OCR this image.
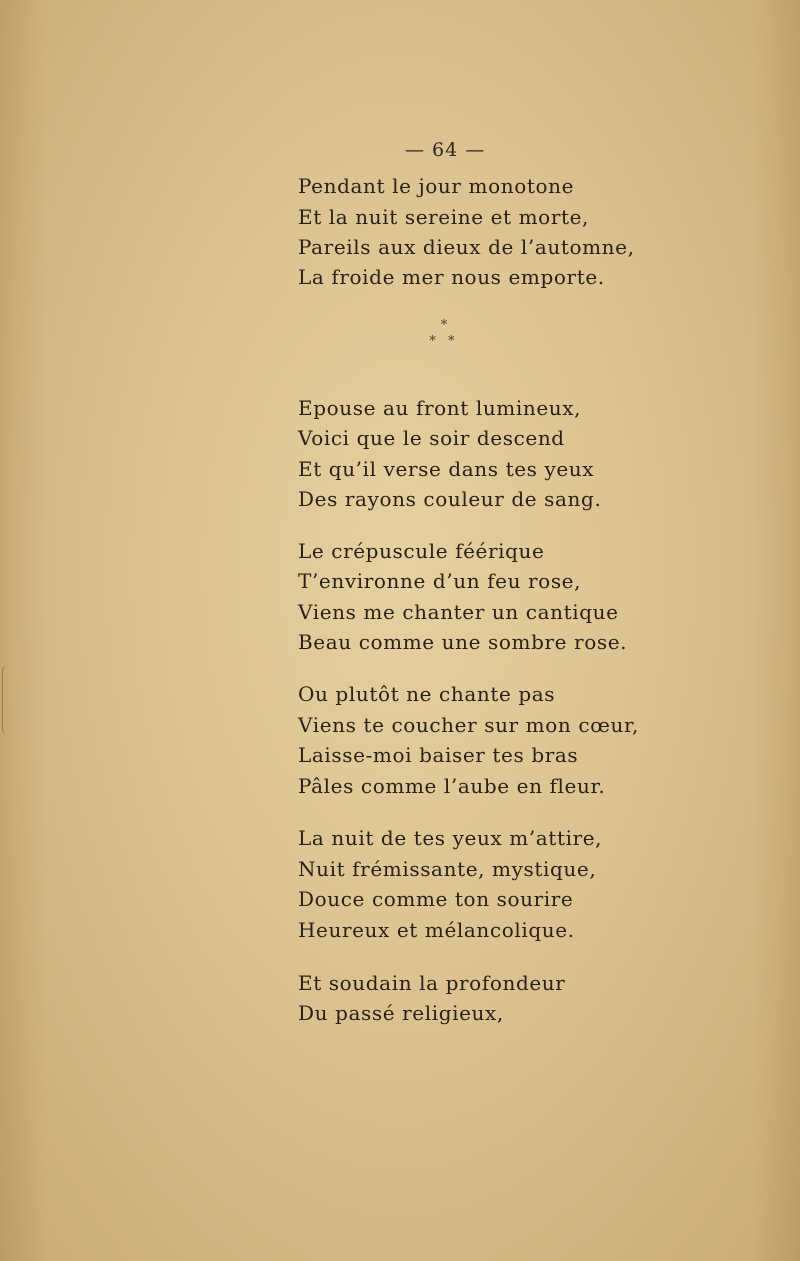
— 64 —
Pendant le jour monotone
Et la nuit sereine et morte,
Pareils aux dieux de l’automne,
La froide mer nous emporte.
*
* *
Epouse au front lumineux,
Voici que le soir descend
Et qu’il verse dans tes yeux
Des rayons couleur de sang.
Le crépuscule féérique
T’environne d’un feu rose,
Viens me chanter un cantique
Beau comme une sombre rose.
Ou plutôt ne chante pas
Viens te coucher sur mon cœur,
Laisse-moi baiser tes bras
Pâles comme l’aube en fleur.
La nuit de tes yeux m’attire,
Nuit frémissante, mystique,
Douce comme ton sourire
Heureux et mélancolique.
Et soudain la profondeur
Du passé religieux,
